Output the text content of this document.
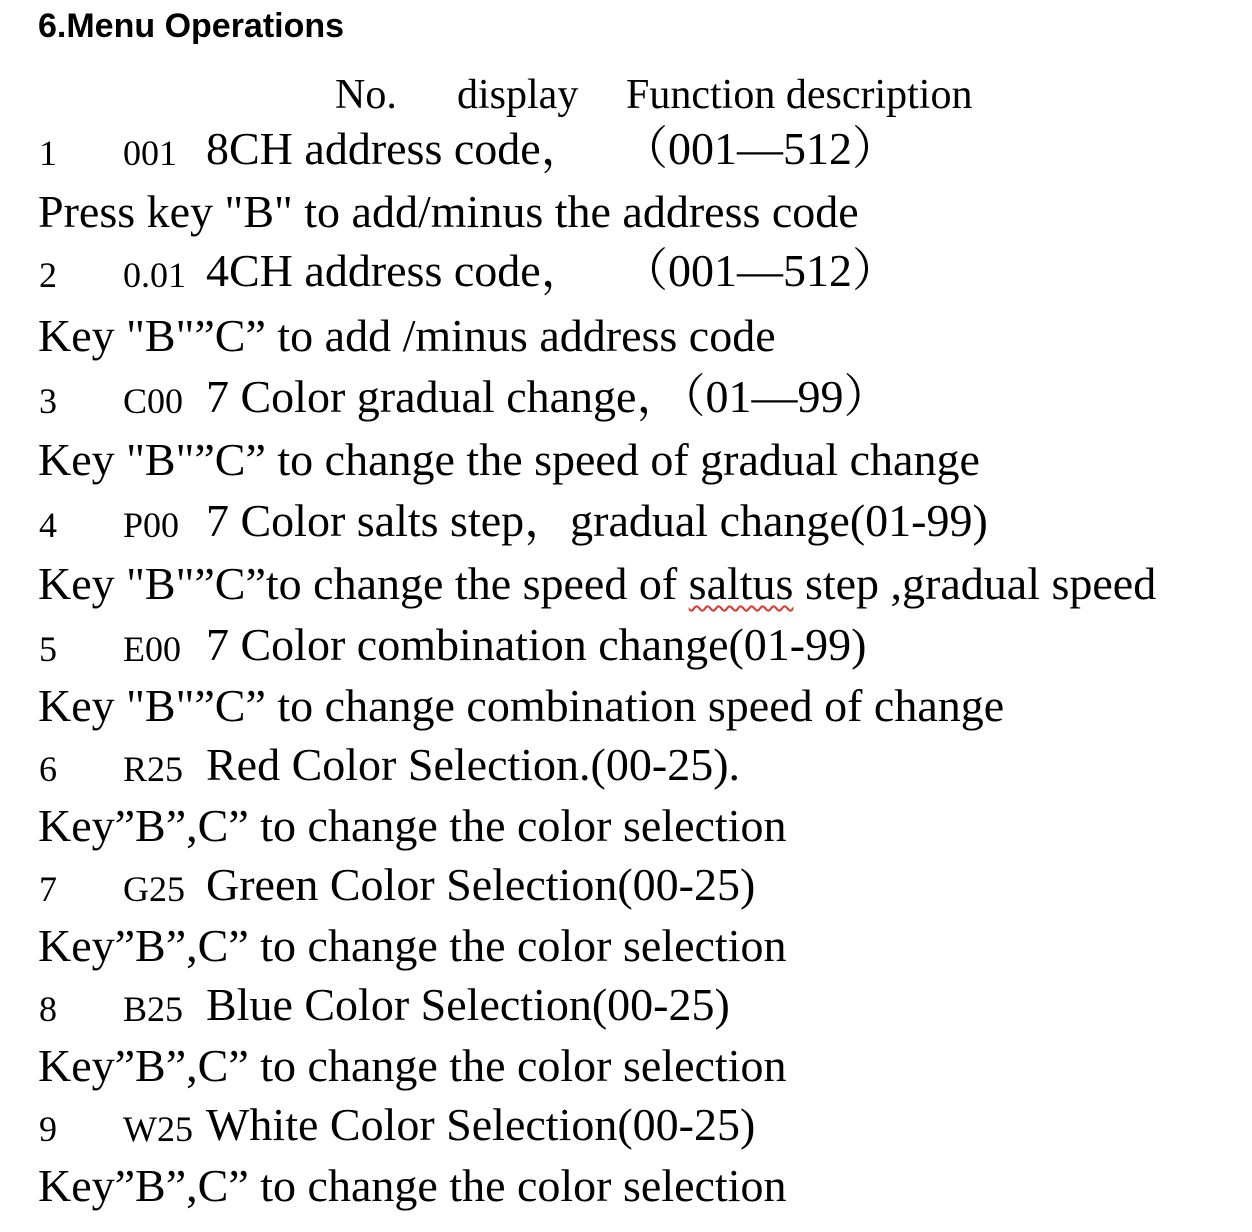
6.Menu Operations
No. display Function description
1 001 8CH address code， （001—512）
Press key "B" to add/minus the address code
2 0.01 4CH address code， （001—512）
Key "B"”C” to add /minus address code
3 C00 7 Color gradual change，（01—99）
Key "B"”C” to change the speed of gradual change
4 P00 7 Color salts step，gradual change(01-99)
Key "B"”C”to change the speed of saltus step ,gradual speed
5 E00 7 Color combination change(01-99)
Key "B"”C” to change combination speed of change
6 R25 Red Color Selection.(00-25).
Key”B”,C” to change the color selection
7 G25 Green Color Selection(00-25)
Key”B”,C” to change the color selection
8 B25 Blue Color Selection(00-25)
Key”B”,C” to change the color selection
9 W25 White Color Selection(00-25)
Key”B”,C” to change the color selection
